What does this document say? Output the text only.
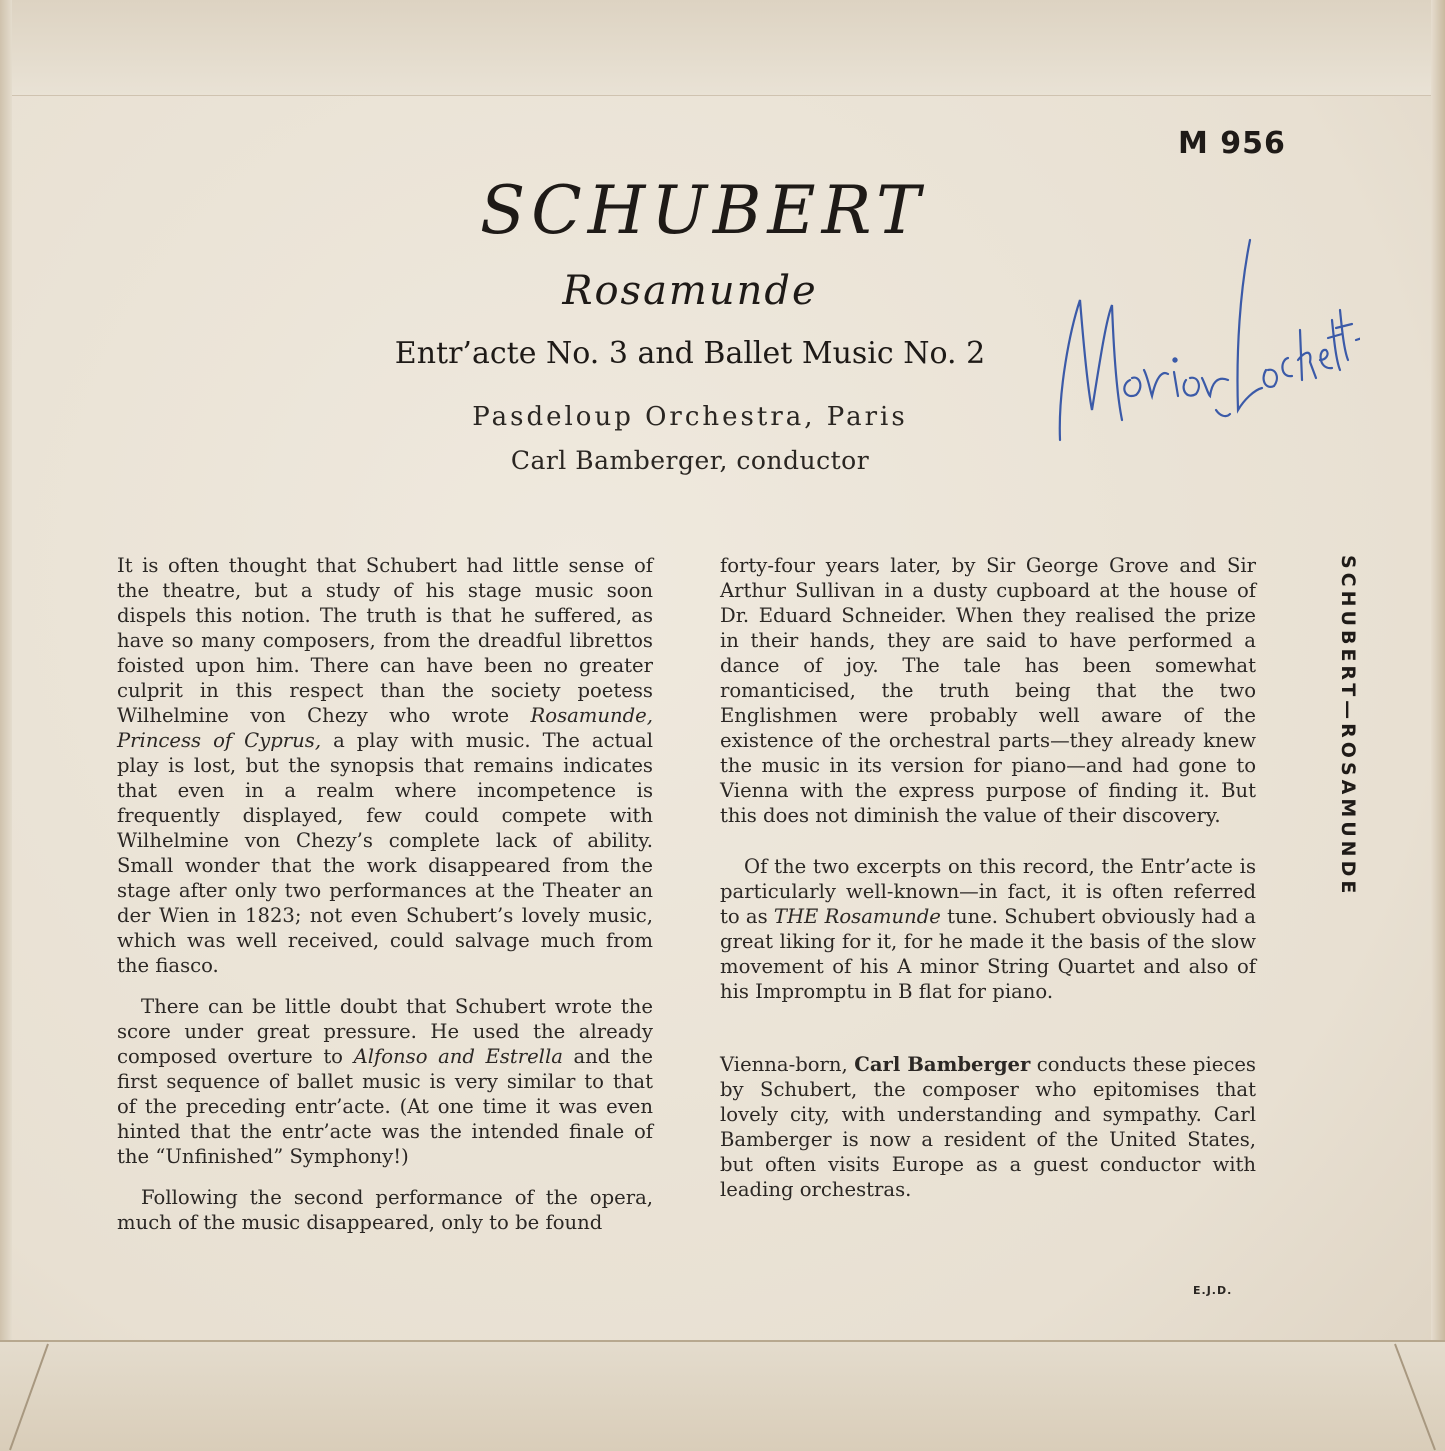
M 956
SCHUBERT
Rosamunde
Entr’acte No. 3 and Ballet Music No. 2
Pasdeloup Orchestra, Paris
Carl Bamberger, conductor

It is often thought that Schubert had little sense of the theatre, but a study of his stage music soon dispels this notion. The truth is that he suffered, as have so many composers, from the dreadful librettos foisted upon him. There can have been no greater culprit in this respect than the society poetess Wilhelmine von Chezy who wrote Rosamunde, Princess of Cyprus, a play with music. The actual play is lost, but the synopsis that remains indicates that even in a realm where incompetence is frequently displayed, few could compete with Wilhelmine von Chezy’s complete lack of ability. Small wonder that the work disappeared from the stage after only two performances at the Theater an der Wien in 1823; not even Schubert’s lovely music, which was well received, could salvage much from the fiasco.

There can be little doubt that Schubert wrote the score under great pressure. He used the already composed overture to Alfonso and Estrella and the first sequence of ballet music is very similar to that of the preceding entr’acte. (At one time it was even hinted that the entr’acte was the intended finale of the “Unfinished” Symphony!)

Following the second performance of the opera, much of the music disappeared, only to be found

forty-four years later, by Sir George Grove and Sir Arthur Sullivan in a dusty cupboard at the house of Dr. Eduard Schneider. When they realised the prize in their hands, they are said to have performed a dance of joy. The tale has been somewhat romanticised, the truth being that the two Englishmen were probably well aware of the existence of the orchestral parts—they already knew the music in its version for piano—and had gone to Vienna with the express purpose of finding it. But this does not diminish the value of their discovery.

Of the two excerpts on this record, the Entr’acte is particularly well-known—in fact, it is often referred to as THE Rosamunde tune. Schubert obviously had a great liking for it, for he made it the basis of the slow movement of his A minor String Quartet and also of his Impromptu in B flat for piano.

Vienna-born, Carl Bamberger conducts these pieces by Schubert, the composer who epitomises that lovely city, with understanding and sympathy. Carl Bamberger is now a resident of the United States, but often visits Europe as a guest conductor with leading orchestras.

SCHUBERT—ROSAMUNDE
E.J.D.
